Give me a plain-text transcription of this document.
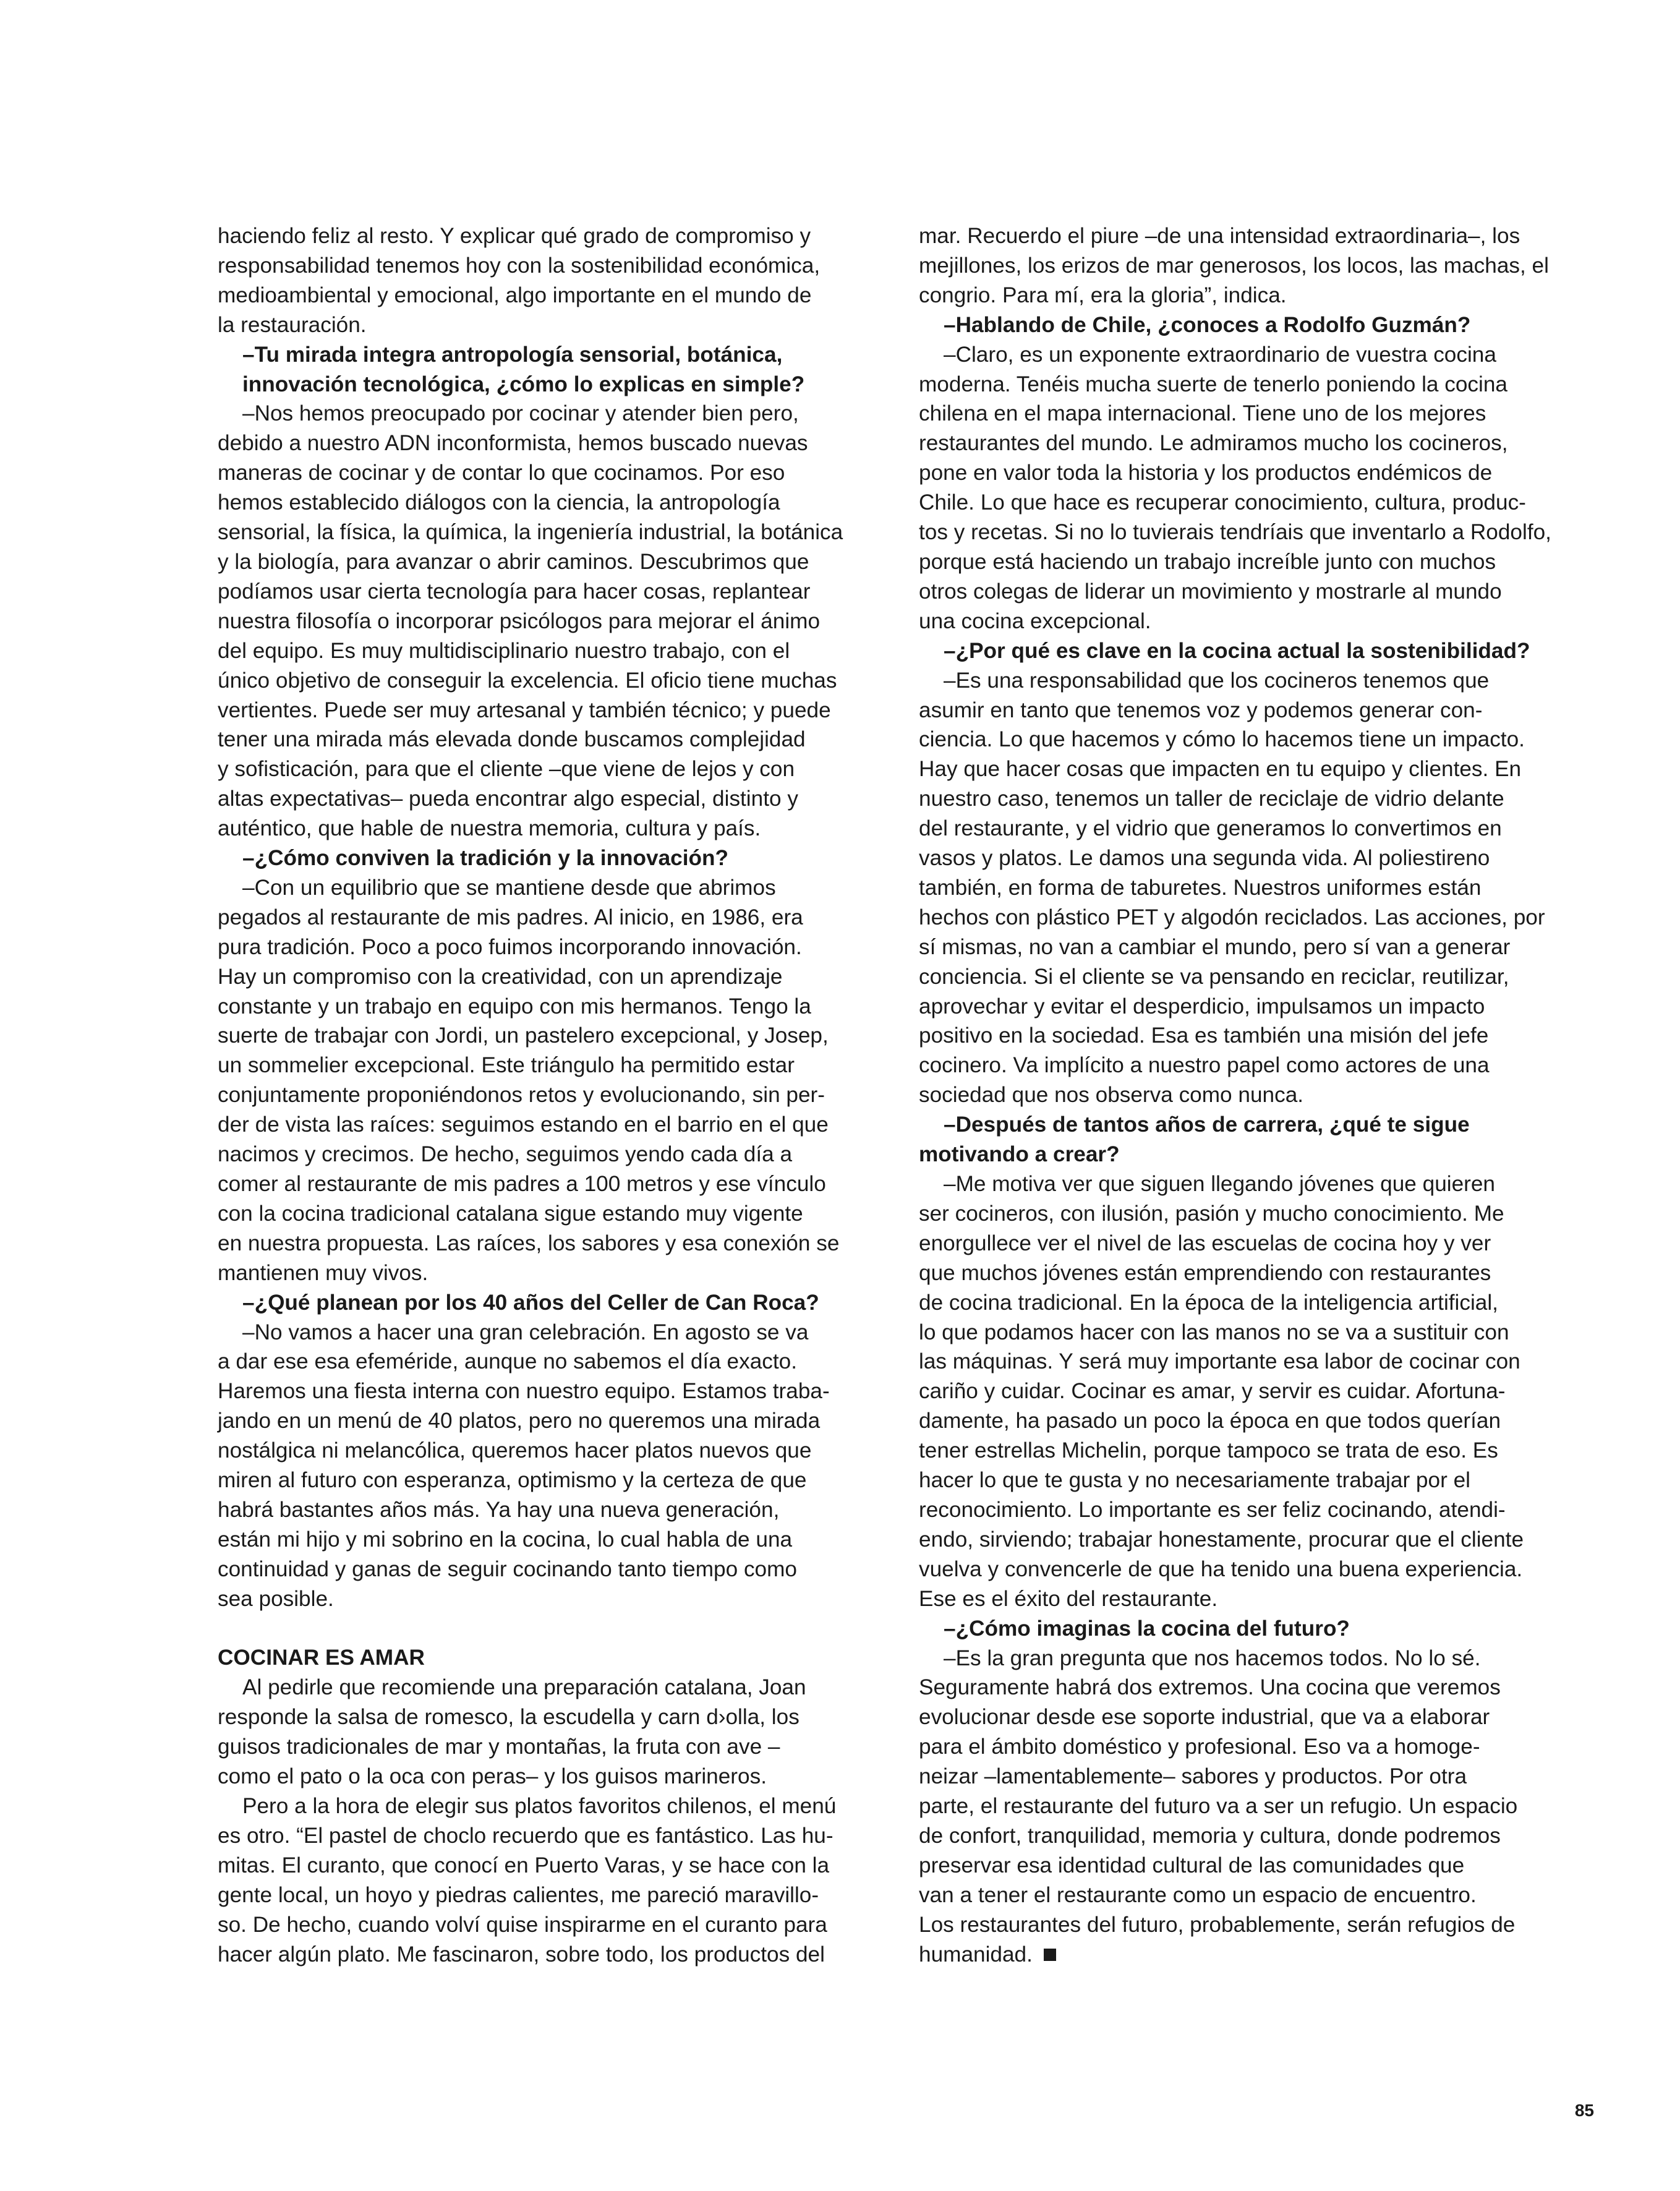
haciendo feliz al resto. Y explicar qué grado de compromiso y
responsabilidad tenemos hoy con la sostenibilidad económica,
medioambiental y emocional, algo importante en el mundo de
la restauración.

–Tu mirada integra antropología sensorial, botánica,
innovación tecnológica, ¿cómo lo explicas en simple?

–Nos hemos preocupado por cocinar y atender bien pero,
debido a nuestro ADN inconformista, hemos buscado nuevas
maneras de cocinar y de contar lo que cocinamos. Por eso
hemos establecido diálogos con la ciencia, la antropología
sensorial, la física, la química, la ingeniería industrial, la botánica
y la biología, para avanzar o abrir caminos. Descubrimos que
podíamos usar cierta tecnología para hacer cosas, replantear
nuestra filosofía o incorporar psicólogos para mejorar el ánimo
del equipo. Es muy multidisciplinario nuestro trabajo, con el
único objetivo de conseguir la excelencia. El oficio tiene muchas
vertientes. Puede ser muy artesanal y también técnico; y puede
tener una mirada más elevada donde buscamos complejidad
y sofisticación, para que el cliente –que viene de lejos y con
altas expectativas– pueda encontrar algo especial, distinto y
auténtico, que hable de nuestra memoria, cultura y país.

–¿Cómo conviven la tradición y la innovación?

–Con un equilibrio que se mantiene desde que abrimos
pegados al restaurante de mis padres. Al inicio, en 1986, era
pura tradición. Poco a poco fuimos incorporando innovación.
Hay un compromiso con la creatividad, con un aprendizaje
constante y un trabajo en equipo con mis hermanos. Tengo la
suerte de trabajar con Jordi, un pastelero excepcional, y Josep,
un sommelier excepcional. Este triángulo ha permitido estar
conjuntamente proponiéndonos retos y evolucionando, sin per-
der de vista las raíces: seguimos estando en el barrio en el que
nacimos y crecimos. De hecho, seguimos yendo cada día a
comer al restaurante de mis padres a 100 metros y ese vínculo
con la cocina tradicional catalana sigue estando muy vigente
en nuestra propuesta. Las raíces, los sabores y esa conexión se
mantienen muy vivos.

–¿Qué planean por los 40 años del Celler de Can Roca?

–No vamos a hacer una gran celebración. En agosto se va
a dar ese esa efeméride, aunque no sabemos el día exacto.
Haremos una fiesta interna con nuestro equipo. Estamos traba-
jando en un menú de 40 platos, pero no queremos una mirada
nostálgica ni melancólica, queremos hacer platos nuevos que
miren al futuro con esperanza, optimismo y la certeza de que
habrá bastantes años más. Ya hay una nueva generación,
están mi hijo y mi sobrino en la cocina, lo cual habla de una
continuidad y ganas de seguir cocinando tanto tiempo como
sea posible.

COCINAR ES AMAR

Al pedirle que recomiende una preparación catalana, Joan
responde la salsa de romesco, la escudella y carn d›olla, los
guisos tradicionales de mar y montañas, la fruta con ave –
como el pato o la oca con peras– y los guisos marineros.

Pero a la hora de elegir sus platos favoritos chilenos, el menú
es otro. “El pastel de choclo recuerdo que es fantástico. Las hu-
mitas. El curanto, que conocí en Puerto Varas, y se hace con la
gente local, un hoyo y piedras calientes, me pareció maravillo-
so. De hecho, cuando volví quise inspirarme en el curanto para
hacer algún plato. Me fascinaron, sobre todo, los productos del

mar. Recuerdo el piure –de una intensidad extraordinaria–, los
mejillones, los erizos de mar generosos, los locos, las machas, el
congrio. Para mí, era la gloria”, indica.

–Hablando de Chile, ¿conoces a Rodolfo Guzmán?

–Claro, es un exponente extraordinario de vuestra cocina
moderna. Tenéis mucha suerte de tenerlo poniendo la cocina
chilena en el mapa internacional. Tiene uno de los mejores
restaurantes del mundo. Le admiramos mucho los cocineros,
pone en valor toda la historia y los productos endémicos de
Chile. Lo que hace es recuperar conocimiento, cultura, produc-
tos y recetas. Si no lo tuvierais tendríais que inventarlo a Rodolfo,
porque está haciendo un trabajo increíble junto con muchos
otros colegas de liderar un movimiento y mostrarle al mundo
una cocina excepcional.

–¿Por qué es clave en la cocina actual la sostenibilidad?

–Es una responsabilidad que los cocineros tenemos que
asumir en tanto que tenemos voz y podemos generar con-
ciencia. Lo que hacemos y cómo lo hacemos tiene un impacto.
Hay que hacer cosas que impacten en tu equipo y clientes. En
nuestro caso, tenemos un taller de reciclaje de vidrio delante
del restaurante, y el vidrio que generamos lo convertimos en
vasos y platos. Le damos una segunda vida. Al poliestireno
también, en forma de taburetes. Nuestros uniformes están
hechos con plástico PET y algodón reciclados. Las acciones, por
sí mismas, no van a cambiar el mundo, pero sí van a generar
conciencia. Si el cliente se va pensando en reciclar, reutilizar,
aprovechar y evitar el desperdicio, impulsamos un impacto
positivo en la sociedad. Esa es también una misión del jefe
cocinero. Va implícito a nuestro papel como actores de una
sociedad que nos observa como nunca.

–Después de tantos años de carrera, ¿qué te sigue
motivando a crear?

–Me motiva ver que siguen llegando jóvenes que quieren
ser cocineros, con ilusión, pasión y mucho conocimiento. Me
enorgullece ver el nivel de las escuelas de cocina hoy y ver
que muchos jóvenes están emprendiendo con restaurantes
de cocina tradicional. En la época de la inteligencia artificial,
lo que podamos hacer con las manos no se va a sustituir con
las máquinas. Y será muy importante esa labor de cocinar con
cariño y cuidar. Cocinar es amar, y servir es cuidar. Afortuna-
damente, ha pasado un poco la época en que todos querían
tener estrellas Michelin, porque tampoco se trata de eso. Es
hacer lo que te gusta y no necesariamente trabajar por el
reconocimiento. Lo importante es ser feliz cocinando, atendi-
endo, sirviendo; trabajar honestamente, procurar que el cliente
vuelva y convencerle de que ha tenido una buena experiencia.
Ese es el éxito del restaurante.

–¿Cómo imaginas la cocina del futuro?

–Es la gran pregunta que nos hacemos todos. No lo sé.
Seguramente habrá dos extremos. Una cocina que veremos
evolucionar desde ese soporte industrial, que va a elaborar
para el ámbito doméstico y profesional. Eso va a homoge-
neizar –lamentablemente– sabores y productos. Por otra
parte, el restaurante del futuro va a ser un refugio. Un espacio
de confort, tranquilidad, memoria y cultura, donde podremos
preservar esa identidad cultural de las comunidades que
van a tener el restaurante como un espacio de encuentro.
Los restaurantes del futuro, probablemente, serán refugios de
humanidad.

85
